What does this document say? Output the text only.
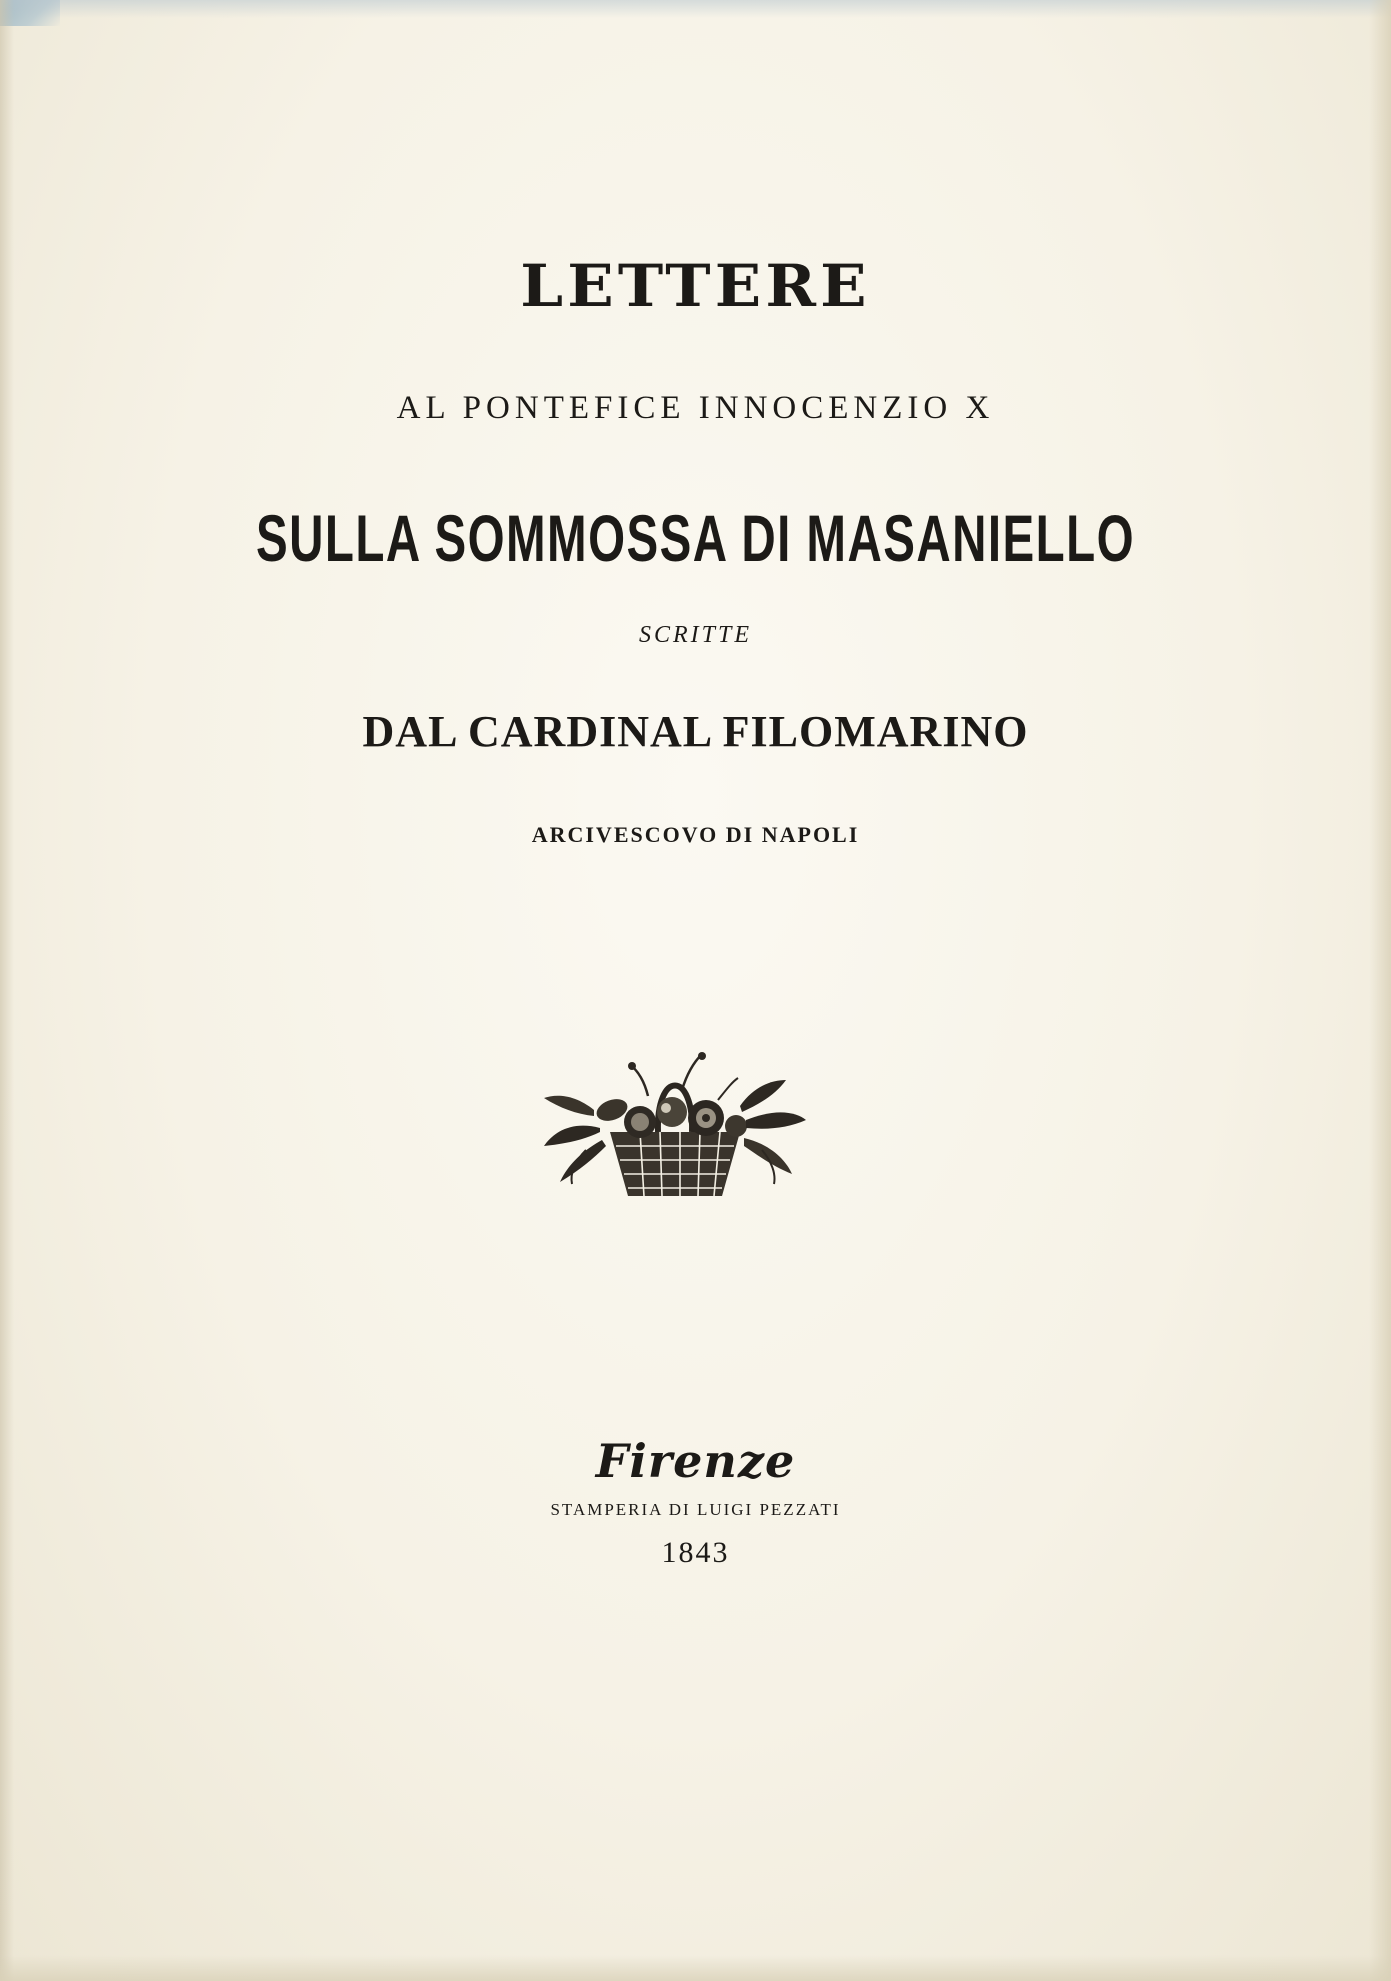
LETTERE
AL PONTEFICE INNOCENZIO X
SULLA SOMMOSSA DI MASANIELLO
SCRITTE
DAL CARDINAL FILOMARINO
ARCIVESCOVO DI NAPOLI
Firenze
STAMPERIA DI LUIGI PEZZATI
1843
